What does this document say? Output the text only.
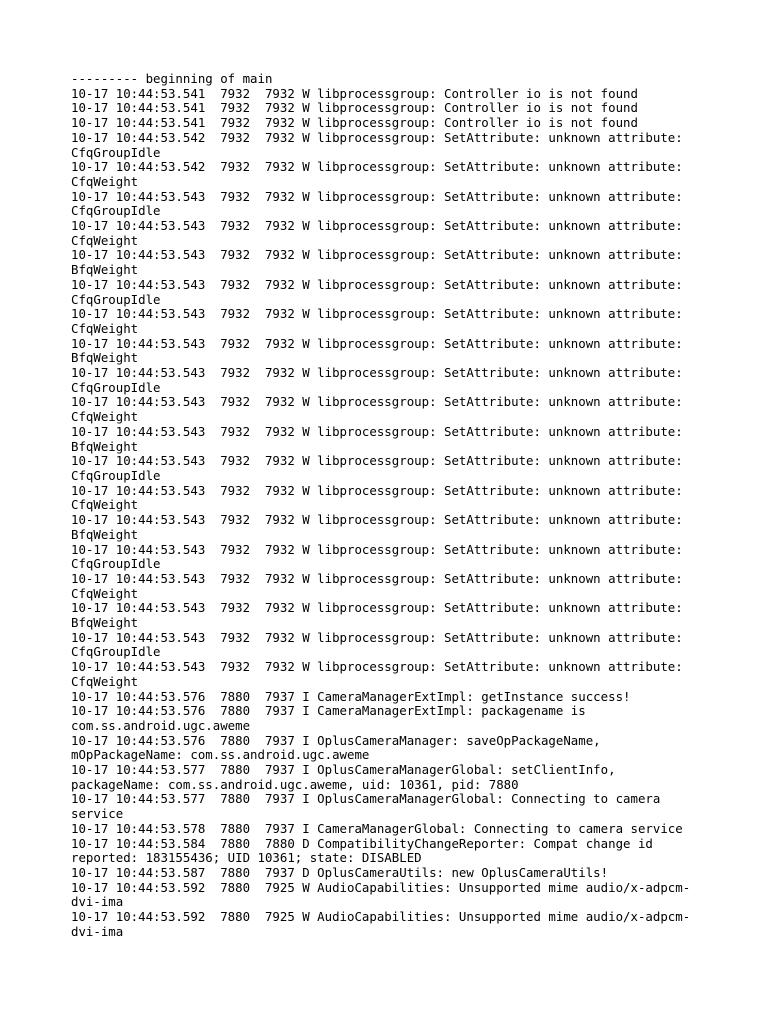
--------- beginning of main
10-17 10:44:53.541  7932  7932 W libprocessgroup: Controller io is not found
10-17 10:44:53.541  7932  7932 W libprocessgroup: Controller io is not found
10-17 10:44:53.541  7932  7932 W libprocessgroup: Controller io is not found
10-17 10:44:53.542  7932  7932 W libprocessgroup: SetAttribute: unknown attribute:
CfqGroupIdle
10-17 10:44:53.542  7932  7932 W libprocessgroup: SetAttribute: unknown attribute:
CfqWeight
10-17 10:44:53.543  7932  7932 W libprocessgroup: SetAttribute: unknown attribute:
CfqGroupIdle
10-17 10:44:53.543  7932  7932 W libprocessgroup: SetAttribute: unknown attribute:
CfqWeight
10-17 10:44:53.543  7932  7932 W libprocessgroup: SetAttribute: unknown attribute:
BfqWeight
10-17 10:44:53.543  7932  7932 W libprocessgroup: SetAttribute: unknown attribute:
CfqGroupIdle
10-17 10:44:53.543  7932  7932 W libprocessgroup: SetAttribute: unknown attribute:
CfqWeight
10-17 10:44:53.543  7932  7932 W libprocessgroup: SetAttribute: unknown attribute:
BfqWeight
10-17 10:44:53.543  7932  7932 W libprocessgroup: SetAttribute: unknown attribute:
CfqGroupIdle
10-17 10:44:53.543  7932  7932 W libprocessgroup: SetAttribute: unknown attribute:
CfqWeight
10-17 10:44:53.543  7932  7932 W libprocessgroup: SetAttribute: unknown attribute:
BfqWeight
10-17 10:44:53.543  7932  7932 W libprocessgroup: SetAttribute: unknown attribute:
CfqGroupIdle
10-17 10:44:53.543  7932  7932 W libprocessgroup: SetAttribute: unknown attribute:
CfqWeight
10-17 10:44:53.543  7932  7932 W libprocessgroup: SetAttribute: unknown attribute:
BfqWeight
10-17 10:44:53.543  7932  7932 W libprocessgroup: SetAttribute: unknown attribute:
CfqGroupIdle
10-17 10:44:53.543  7932  7932 W libprocessgroup: SetAttribute: unknown attribute:
CfqWeight
10-17 10:44:53.543  7932  7932 W libprocessgroup: SetAttribute: unknown attribute:
BfqWeight
10-17 10:44:53.543  7932  7932 W libprocessgroup: SetAttribute: unknown attribute:
CfqGroupIdle
10-17 10:44:53.543  7932  7932 W libprocessgroup: SetAttribute: unknown attribute:
CfqWeight
10-17 10:44:53.576  7880  7937 I CameraManagerExtImpl: getInstance success!
10-17 10:44:53.576  7880  7937 I CameraManagerExtImpl: packagename is
com.ss.android.ugc.aweme
10-17 10:44:53.576  7880  7937 I OplusCameraManager: saveOpPackageName,
mOpPackageName: com.ss.android.ugc.aweme
10-17 10:44:53.577  7880  7937 I OplusCameraManagerGlobal: setClientInfo,
packageName: com.ss.android.ugc.aweme, uid: 10361, pid: 7880
10-17 10:44:53.577  7880  7937 I OplusCameraManagerGlobal: Connecting to camera
service
10-17 10:44:53.578  7880  7937 I CameraManagerGlobal: Connecting to camera service
10-17 10:44:53.584  7880  7880 D CompatibilityChangeReporter: Compat change id
reported: 183155436; UID 10361; state: DISABLED
10-17 10:44:53.587  7880  7937 D OplusCameraUtils: new OplusCameraUtils!
10-17 10:44:53.592  7880  7925 W AudioCapabilities: Unsupported mime audio/x-adpcm-
dvi-ima
10-17 10:44:53.592  7880  7925 W AudioCapabilities: Unsupported mime audio/x-adpcm-
dvi-ima
